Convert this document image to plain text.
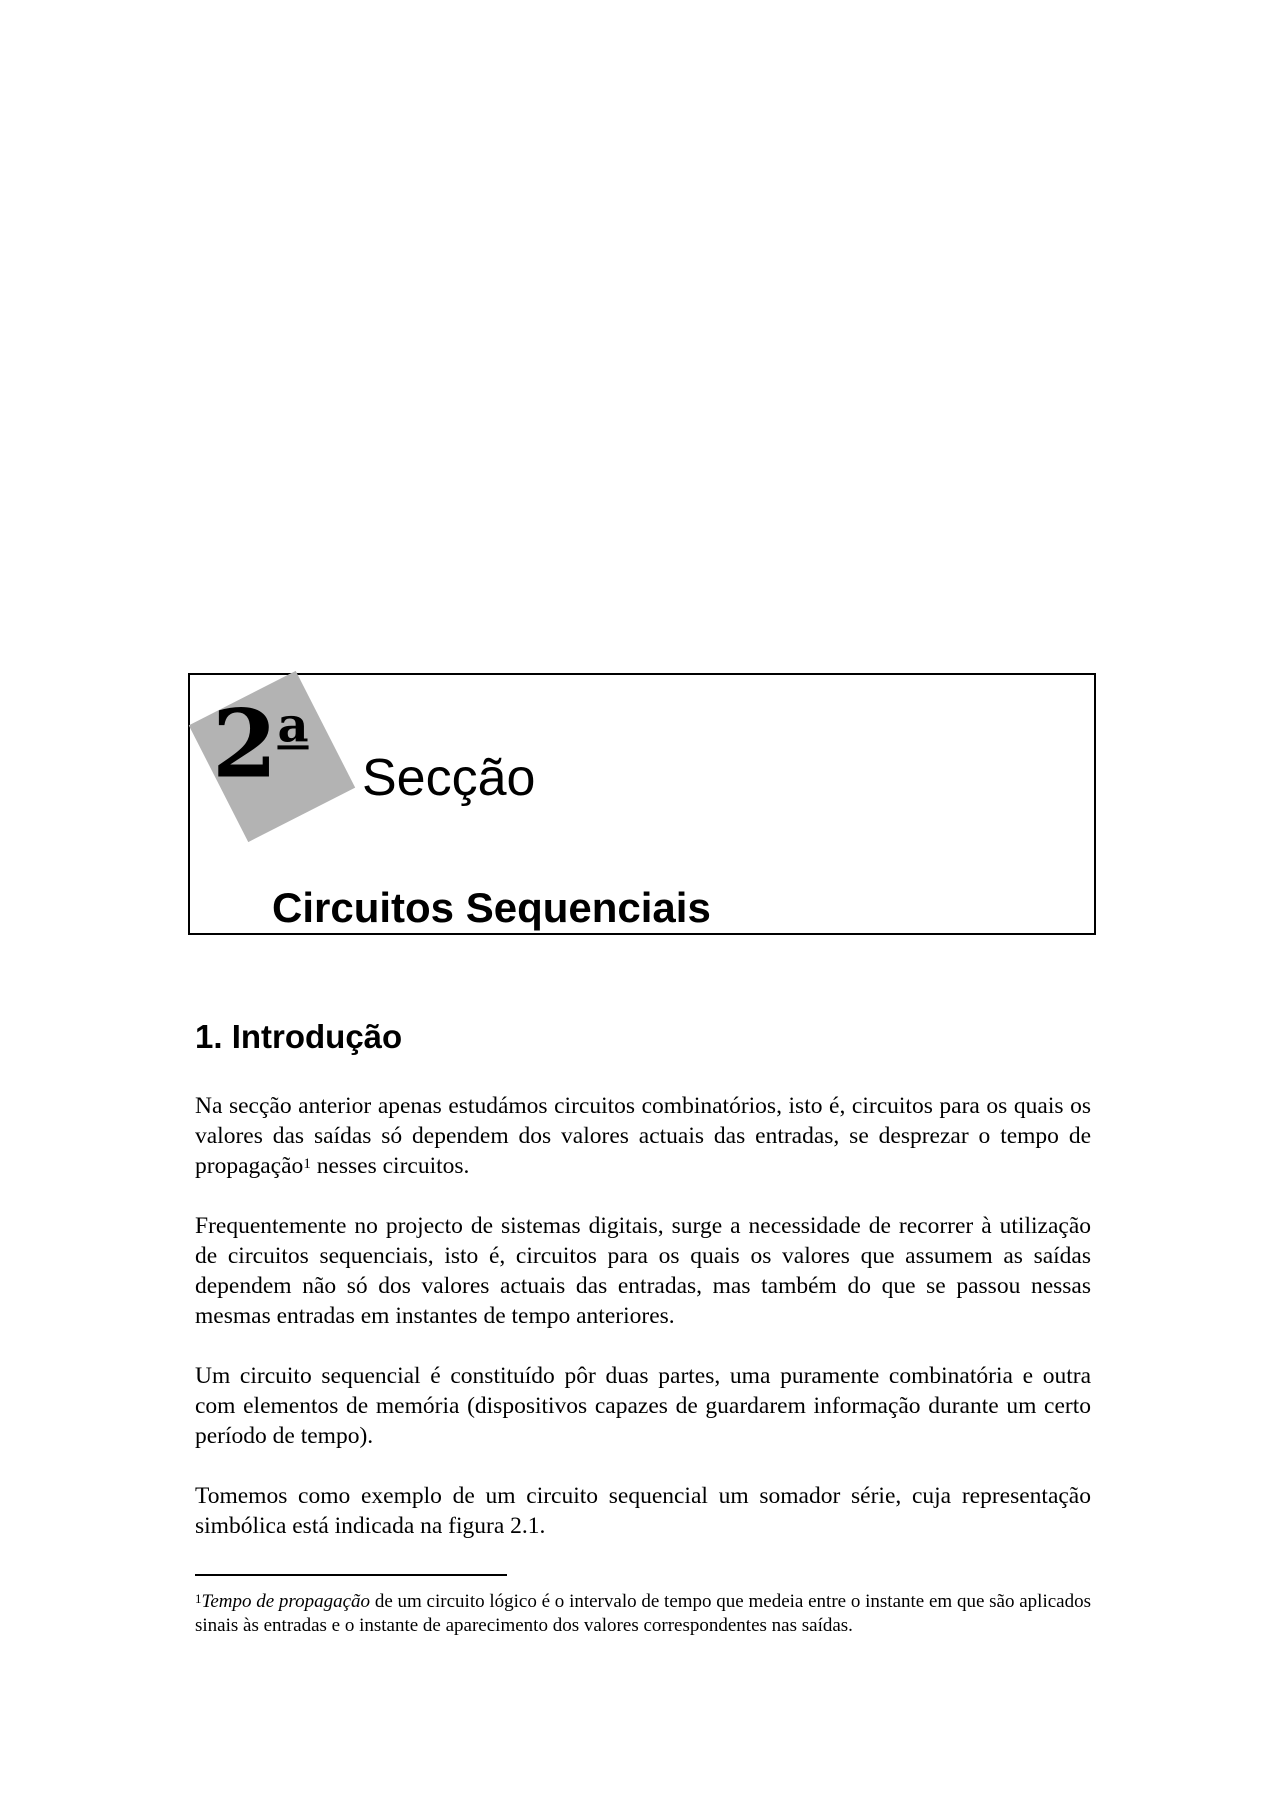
2$^a$
Secção
Circuitos Sequenciais
1. Introdução

Na secção anterior apenas estudámos circuitos combinatórios, isto é, circuitos para os quais os valores das saídas só dependem dos valores actuais das entradas, se desprezar o tempo de propagação$^1$ nesses circuitos.

Frequentemente no projecto de sistemas digitais, surge a necessidade de recorrer à utilização de circuitos sequenciais, isto é, circuitos para os quais os valores que assumem as saídas dependem não só dos valores actuais das entradas, mas também do que se passou nessas mesmas entradas em instantes de tempo anteriores.

Um circuito sequencial é constituído pôr duas partes, uma puramente combinatória e outra com elementos de memória (dispositivos capazes de guardarem informação durante um certo período de tempo).

Tomemos como exemplo de um circuito sequencial um somador série, cuja representação simbólica está indicada na figura 2.1.

$^1$Tempo de propagação de um circuito lógico é o intervalo de tempo que medeia entre o instante em que são aplicados sinais às entradas e o instante de aparecimento dos valores correspondentes nas saídas.
